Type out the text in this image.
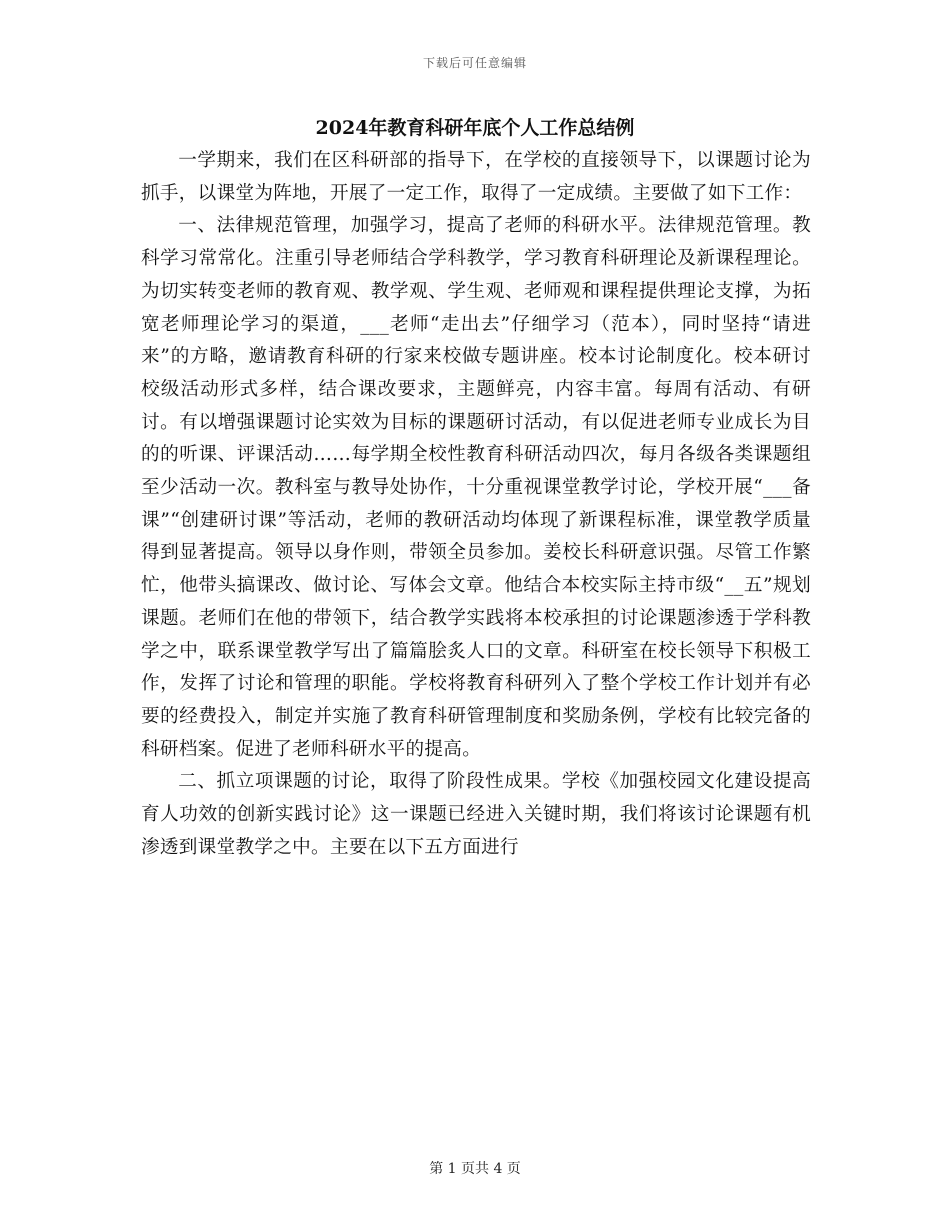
下载后可任意编辑
2024年教育科研年底个人工作总结例

一学期来，我们在区科研部的指导下，在学校的直接领导下，以课题讨论为抓手，以课堂为阵地，开展了一定工作，取得了一定成绩。主要做了如下工作：

一、法律规范管理，加强学习，提高了老师的科研水平。法律规范管理。教科学习常常化。注重引导老师结合学科教学，学习教育科研理论及新课程理论。为切实转变老师的教育观、教学观、学生观、老师观和课程提供理论支撑，为拓宽老师理论学习的渠道，___老师“走出去”仔细学习（范本），同时坚持“请进来”的方略，邀请教育科研的行家来校做专题讲座。校本讨论制度化。校本研讨校级活动形式多样，结合课改要求，主题鲜亮，内容丰富。每周有活动、有研讨。有以增强课题讨论实效为目标的课题研讨活动，有以促进老师专业成长为目的的听课、评课活动……每学期全校性教育科研活动四次，每月各级各类课题组至少活动一次。教科室与教导处协作，十分重视课堂教学讨论，学校开展“___备课”“创建研讨课”等活动，老师的教研活动均体现了新课程标准，课堂教学质量得到显著提高。领导以身作则，带领全员参加。姜校长科研意识强。尽管工作繁忙，他带头搞课改、做讨论、写体会文章。他结合本校实际主持市级“__五”规划课题。老师们在他的带领下，结合教学实践将本校承担的讨论课题渗透于学科教学之中，联系课堂教学写出了篇篇脍炙人口的文章。科研室在校长领导下积极工作，发挥了讨论和管理的职能。学校将教育科研列入了整个学校工作计划并有必要的经费投入，制定并实施了教育科研管理制度和奖励条例，学校有比较完备的科研档案。促进了老师科研水平的提高。

二、抓立项课题的讨论，取得了阶段性成果。学校《加强校园文化建设提高育人功效的创新实践讨论》这一课题已经进入关键时期，我们将该讨论课题有机渗透到课堂教学之中。主要在以下五方面进行

第 1 页共 4 页
